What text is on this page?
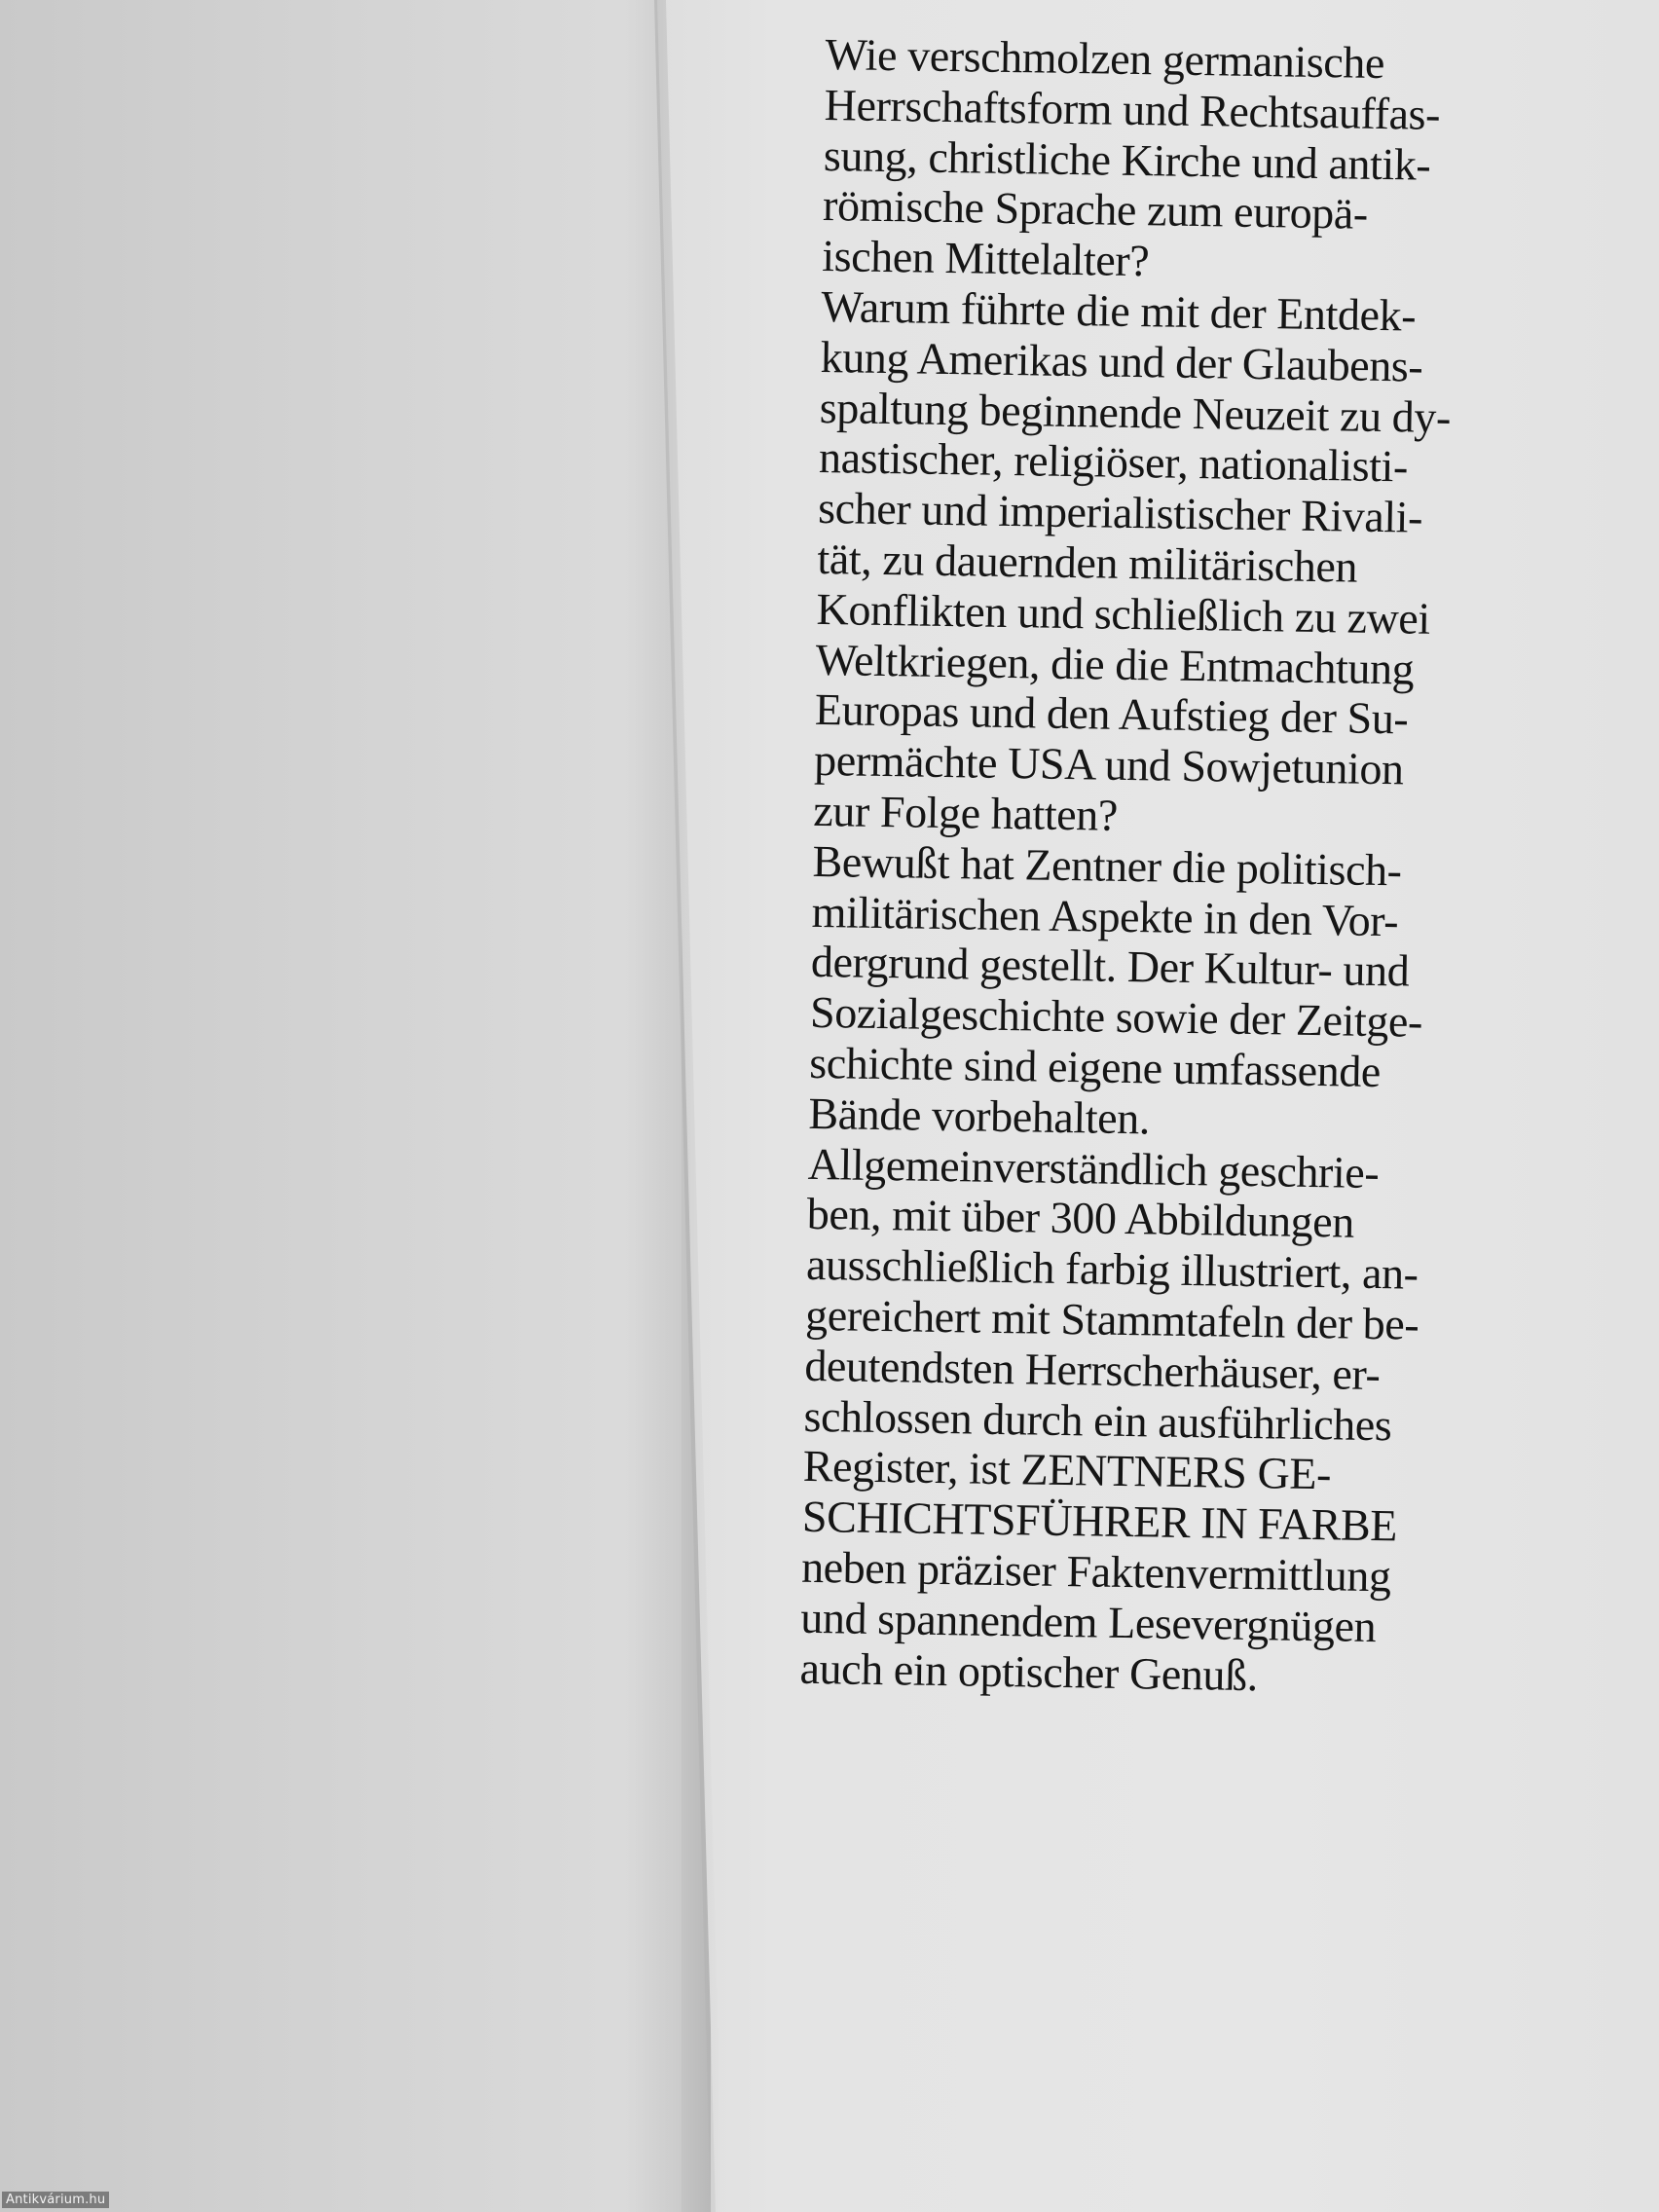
Wie verschmolzen germanische
Herrschaftsform und Rechtsauffas-
sung, christliche Kirche und antik-
römische Sprache zum europä-
ischen Mittelalter?
Warum führte die mit der Entdek-
kung Amerikas und der Glaubens-
spaltung beginnende Neuzeit zu dy-
nastischer, religiöser, nationalisti-
scher und imperialistischer Rivali-
tät, zu dauernden militärischen
Konflikten und schließlich zu zwei
Weltkriegen, die die Entmachtung
Europas und den Aufstieg der Su-
permächte USA und Sowjetunion
zur Folge hatten?
Bewußt hat Zentner die politisch-
militärischen Aspekte in den Vor-
dergrund gestellt. Der Kultur- und
Sozialgeschichte sowie der Zeitge-
schichte sind eigene umfassende
Bände vorbehalten.
Allgemeinverständlich geschrie-
ben, mit über 300 Abbildungen
ausschließlich farbig illustriert, an-
gereichert mit Stammtafeln der be-
deutendsten Herrscherhäuser, er-
schlossen durch ein ausführliches
Register, ist ZENTNERS GE-
SCHICHTSFÜHRER IN FARBE
neben präziser Faktenvermittlung
und spannendem Lesevergnügen
auch ein optischer Genuß.
Antikvárium.hu
